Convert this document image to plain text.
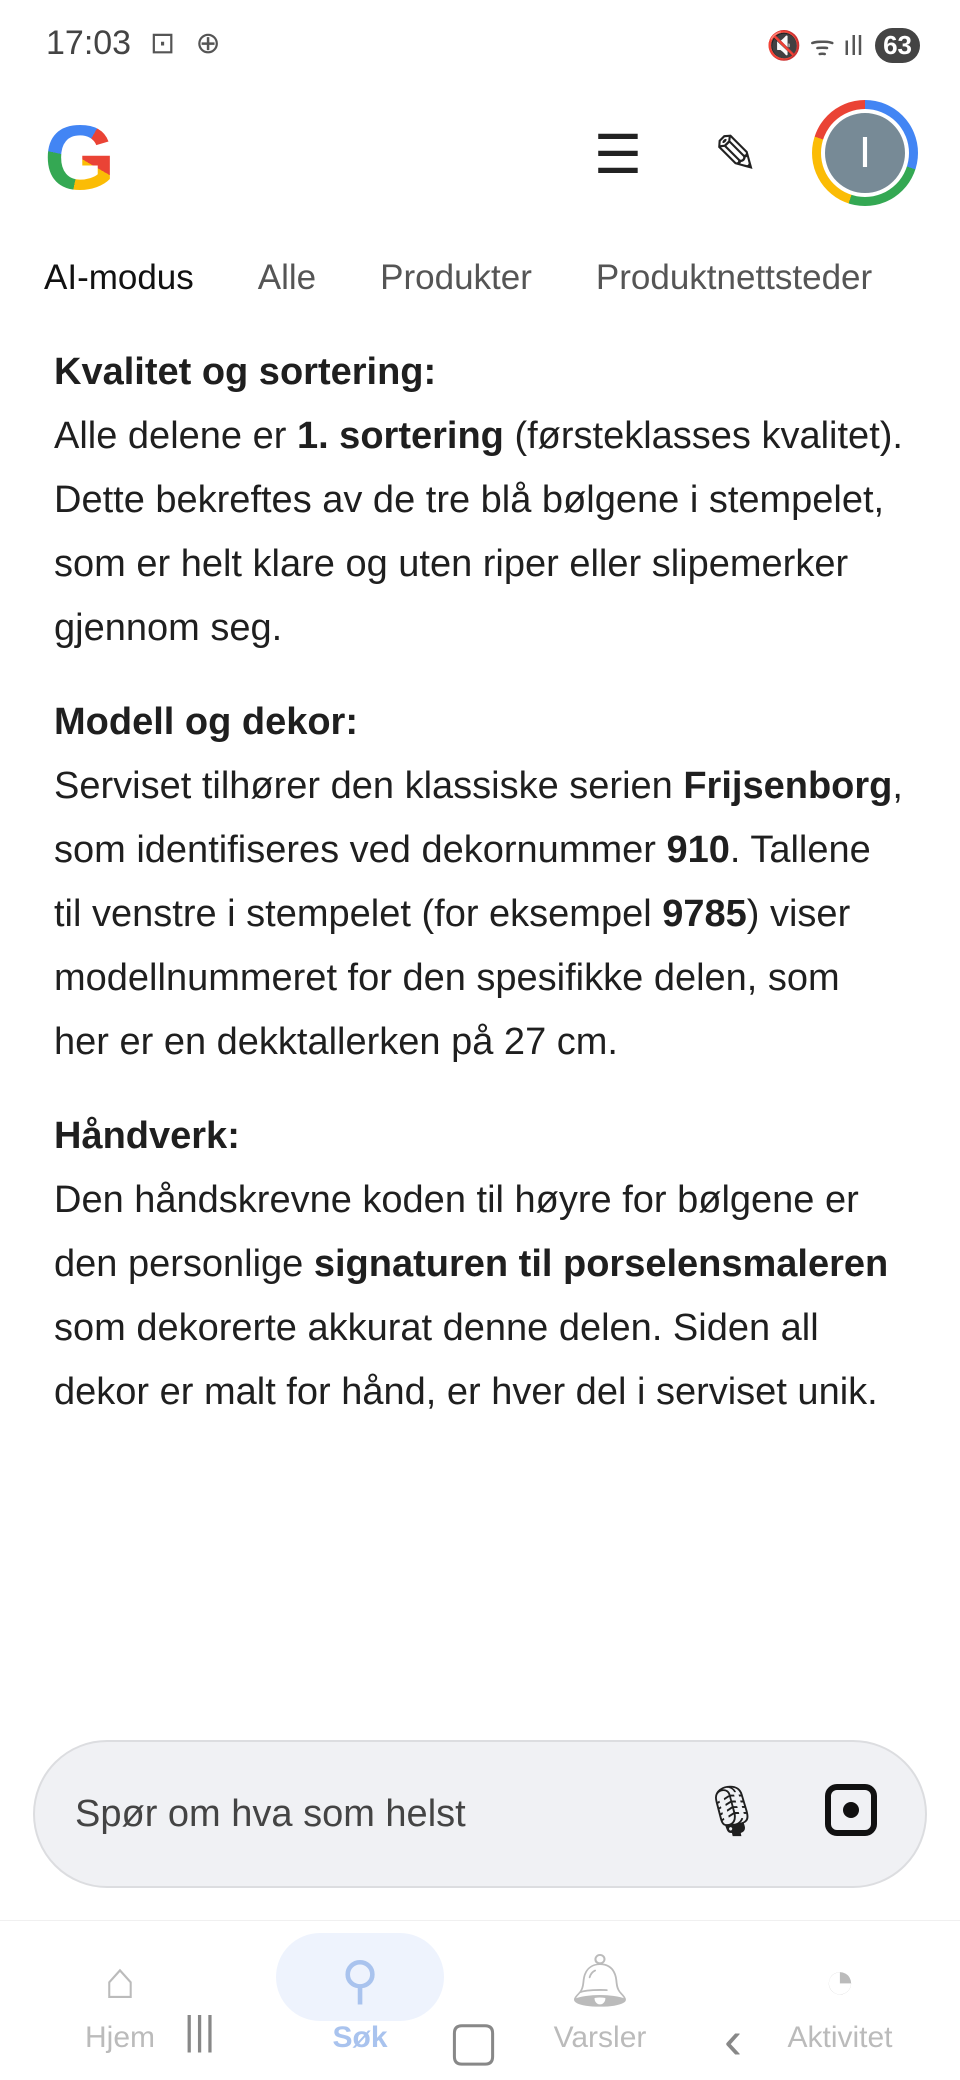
17:03 ⊡ ⊕	🔇 ᯤ ıll 63
G	☰ ✎	I
AI-modus Alle Produkter Produktnettsteder
Kvalitet og sortering:

Alle delene er 1. sortering (førsteklasses kvalitet). Dette bekreftes av de tre blå bølgene i stempelet, som er helt klare og uten riper eller slipemerker gjennom seg.

Modell og dekor:

Serviset tilhører den klassiske serien Frijsenborg, som identifiseres ved dekornummer 910. Tallene til venstre i stempelet (for eksempel 9785) viser modellnummeret for den spesifikke delen, som her er en dekktallerken på 27 cm.

Håndverk:

Den håndskrevne koden til høyre for bølgene er den personlige signaturen til porselensmaleren som dekorerte akkurat denne delen. Siden all dekor er malt for hånd, er hver del i serviset unik.

Spør om hva som helst
🎙︎
⌂
Hjem
⚲
Søk
🔔︎
Varsler
◔
Aktivitet
|||	▢	‹
